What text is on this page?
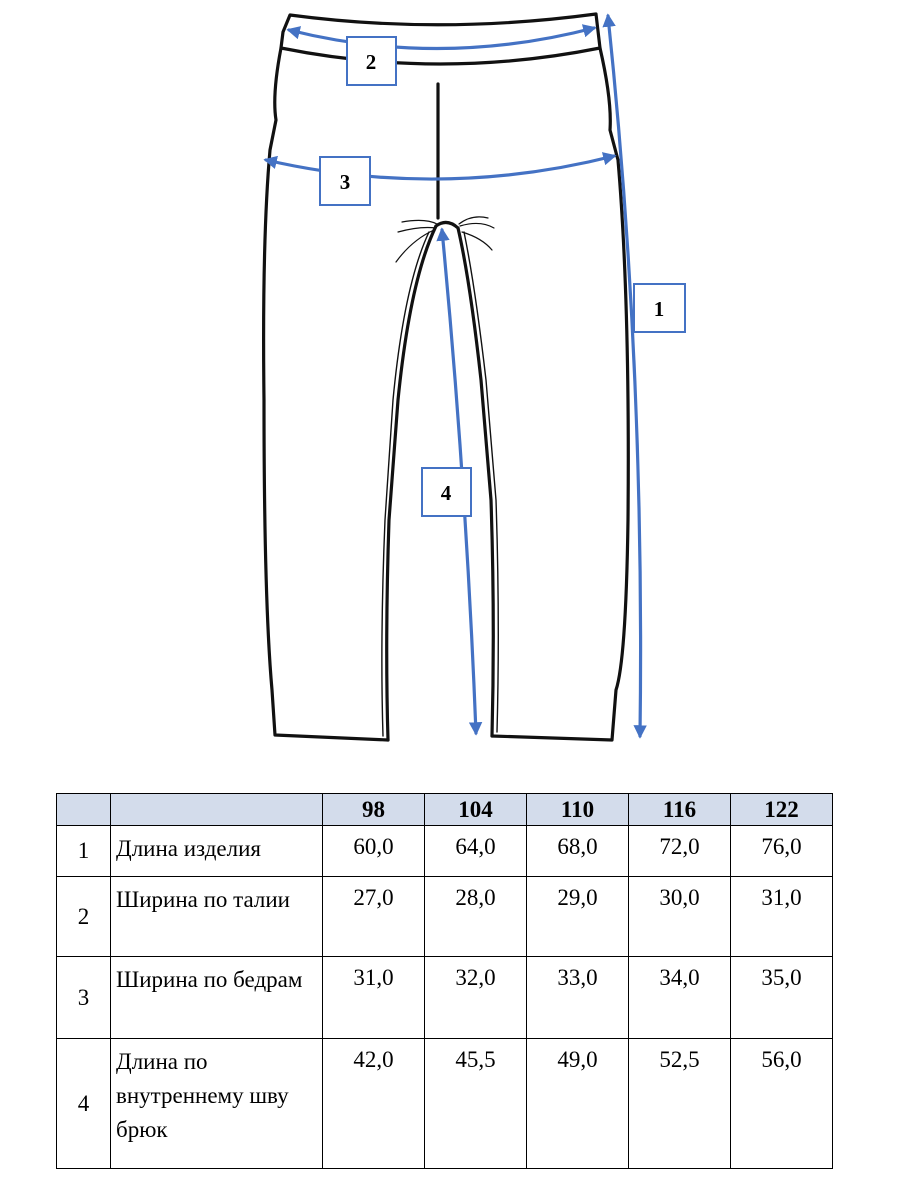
2
3
1
4
		98	104	110	116	122
1	Длина изделия	60,0	64,0	68,0	72,0	76,0
2	Ширина по талии	27,0	28,0	29,0	30,0	31,0
3	Ширина по бедрам	31,0	32,0	33,0	34,0	35,0
4	Длина по внутреннему шву брюк	42,0	45,5	49,0	52,5	56,0
